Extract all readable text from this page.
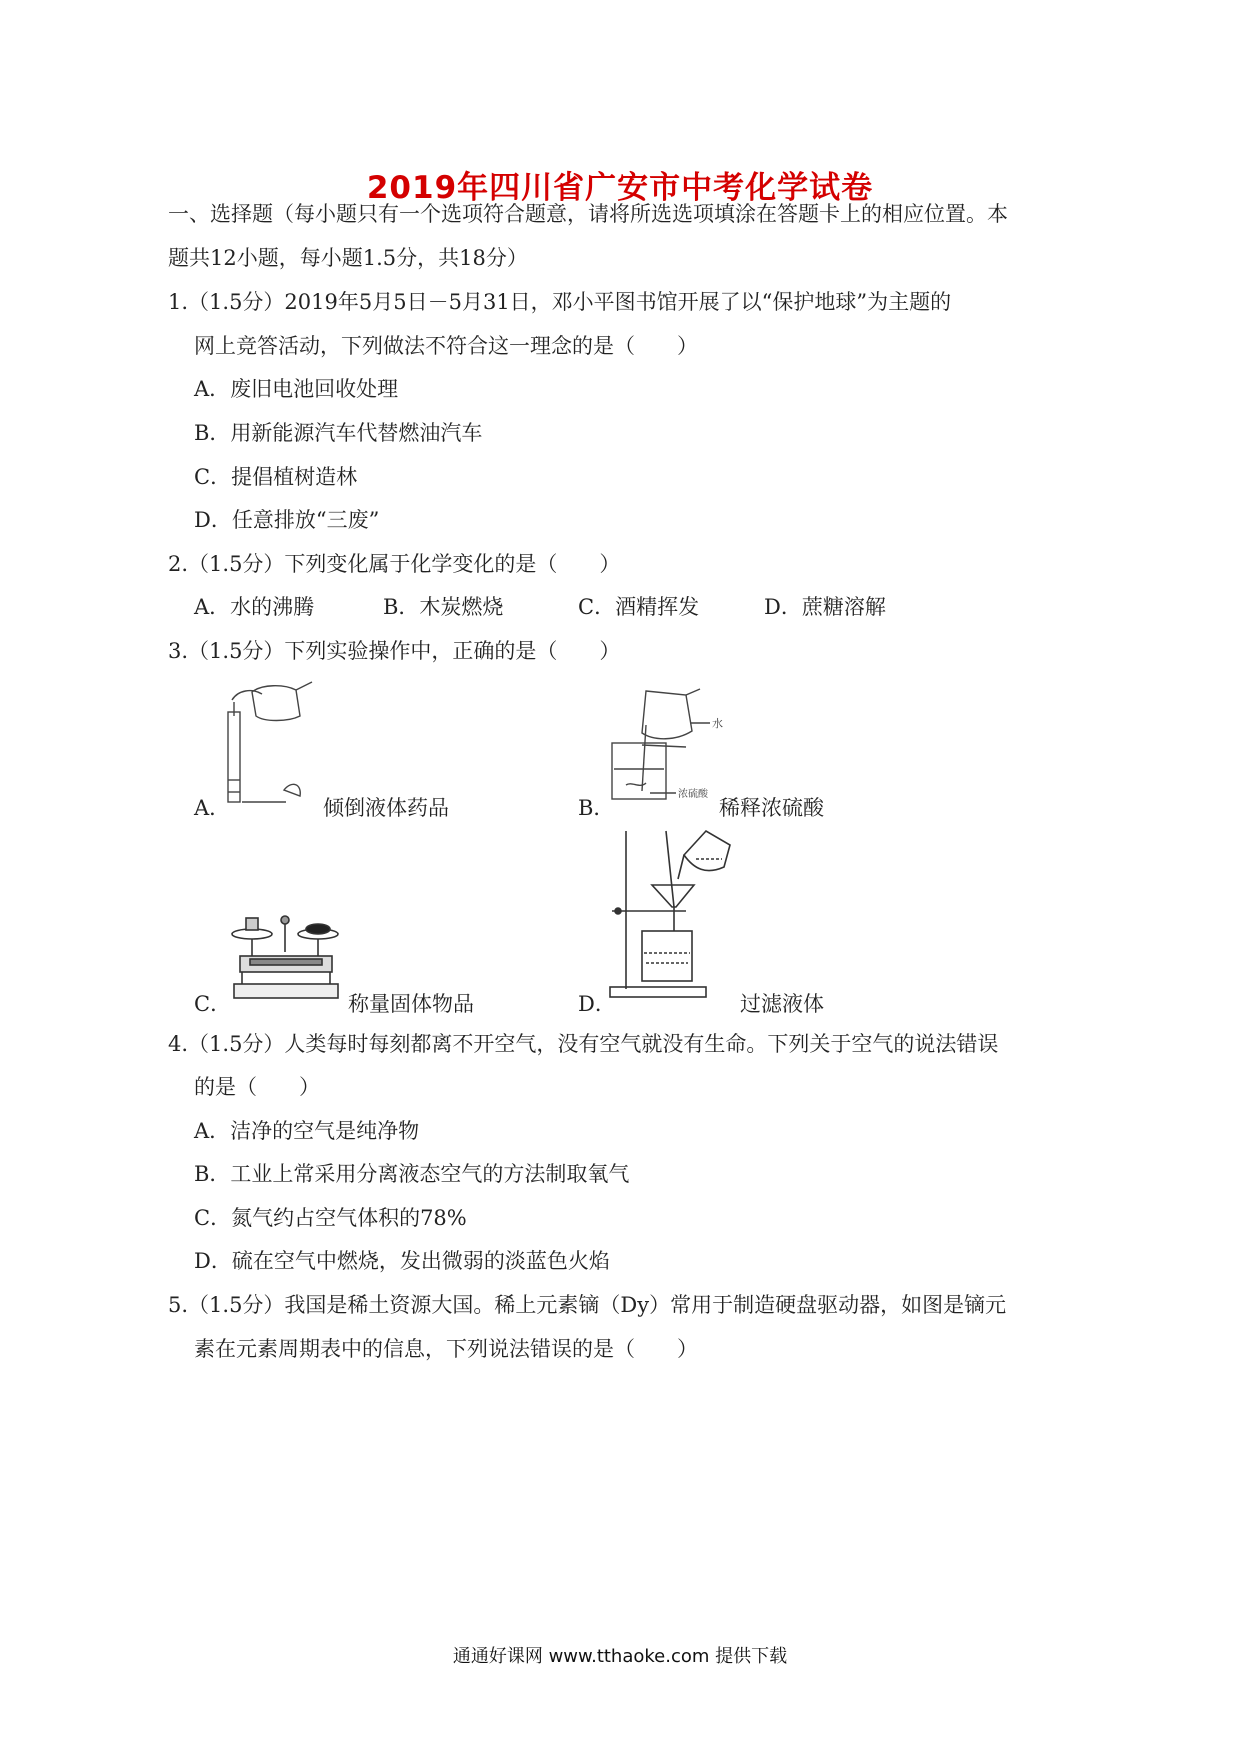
2019年四川省广安市中考化学试卷
一、选择题（每小题只有一个选项符合题意，请将所选选项填涂在答题卡上的相应位置。本
题共12小题，每小题1.5分，共18分）
1.（1.5分）2019年5月5日－5月31日，邓小平图书馆开展了以“保护地球”为主题的
网上竞答活动，下列做法不符合这一理念的是（　　）
A．废旧电池回收处理
B．用新能源汽车代替燃油汽车
C．提倡植树造林
D．任意排放“三废”
2.（1.5分）下列变化属于化学变化的是（　　）
A．水的沸腾	B．木炭燃烧	C．酒精挥发	D．蔗糖溶解
3.（1.5分）下列实验操作中，正确的是（　　）
A．	倾倒液体药品
水
浓硫酸
B．	稀释浓硫酸
C．	称量固体物品	D．	过滤液体
4.（1.5分）人类每时每刻都离不开空气，没有空气就没有生命。下列关于空气的说法错误
的是（　　）
A．洁净的空气是纯净物
B．工业上常采用分离液态空气的方法制取氧气
C．氮气约占空气体积的78%
D．硫在空气中燃烧，发出微弱的淡蓝色火焰
5.（1.5分）我国是稀土资源大国。稀上元素镝（Dy）常用于制造硬盘驱动器，如图是镝元
素在元素周期表中的信息，下列说法错误的是（　　）
通通好课网 www.tthaoke.com 提供下载
